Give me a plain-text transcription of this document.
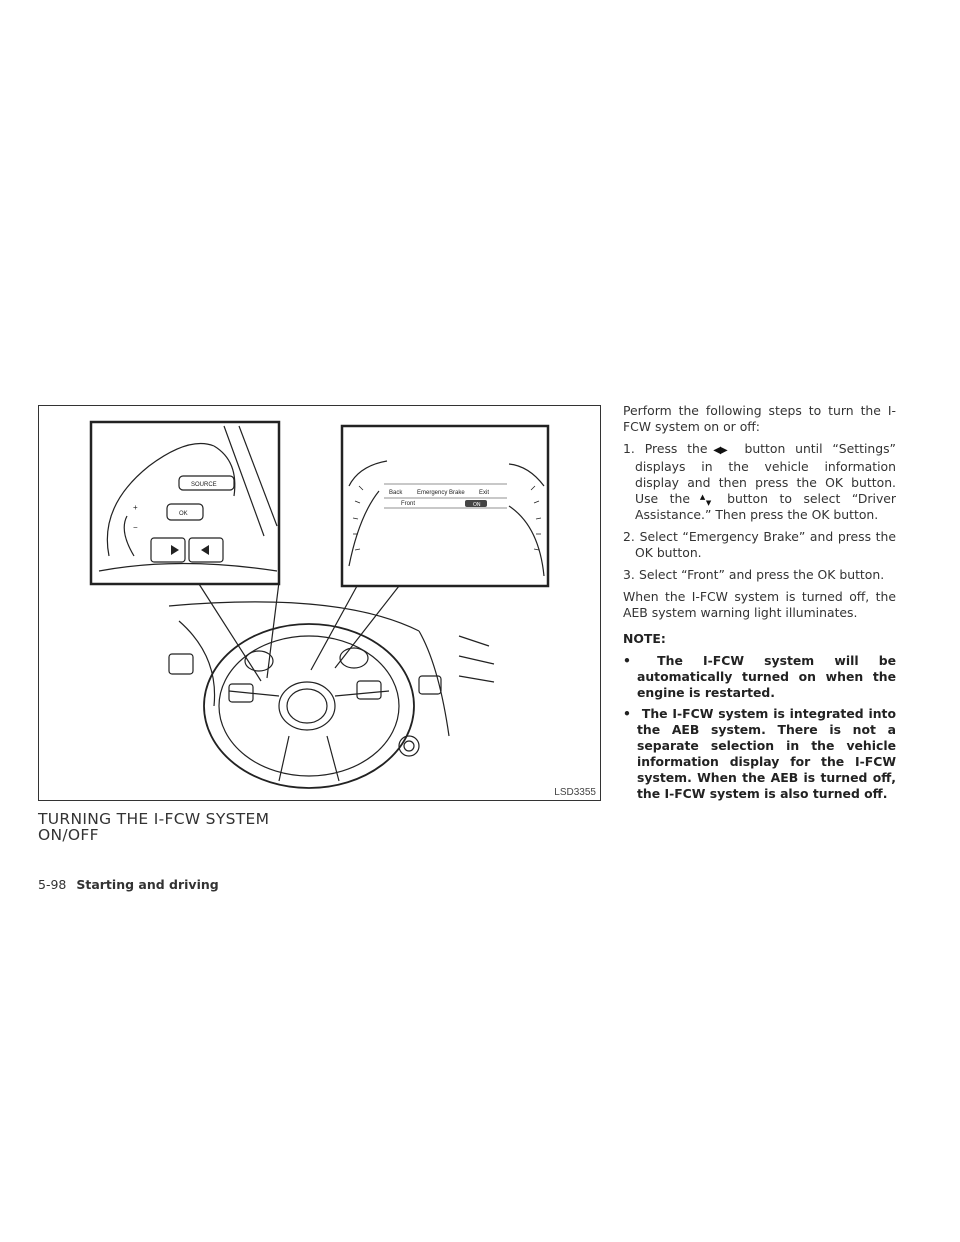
SOURCE
OK
+
−
Back Emergency Brake Exit
Front	ON
LSD3355
TURNING THE I-FCW SYSTEM
ON/OFF

Perform the following steps to turn the I-FCW system on or off:

1. Press the ◀▶ button until “Settings” displays in the vehicle information display and then press the OK button. Use the ▲
▼ button to select “Driver Assistance.” Then press the OK button.
2. Select “Emergency Brake” and press the OK button.
3. Select “Front” and press the OK button.

When the I-FCW system is turned off, the AEB system warning light illuminates.

NOTE:
• The I-FCW system will be automatically turned on when the engine is restarted.
• The I-FCW system is integrated into the AEB system. There is not a separate selection in the vehicle information display for the I-FCW system. When the AEB is turned off, the I-FCW system is also turned off.
5-98 Starting and driving
